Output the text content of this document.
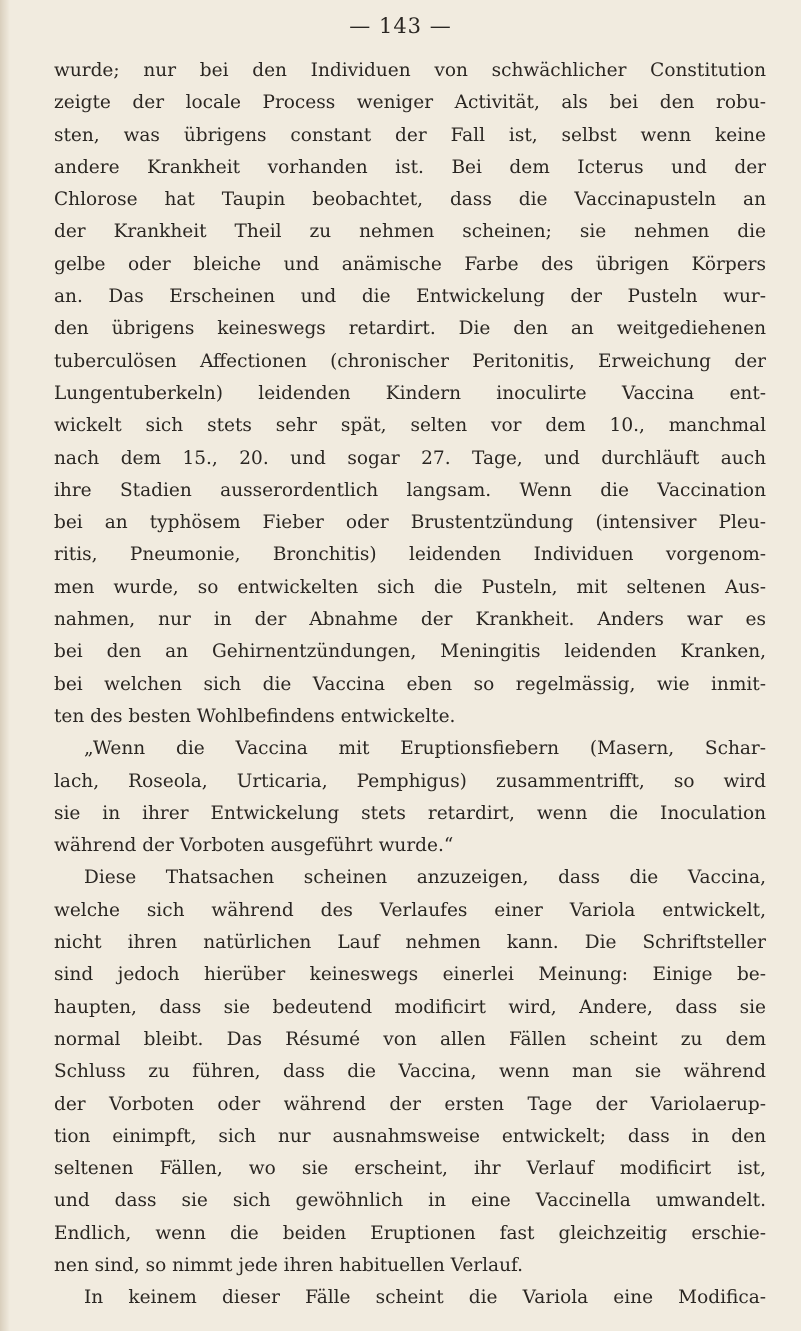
— 143 —
wurde; nur bei den Individuen von schwächlicher Constitution
zeigte der locale Process weniger Activität, als bei den robu-
sten, was übrigens constant der Fall ist, selbst wenn keine
andere Krankheit vorhanden ist. Bei dem Icterus und der
Chlorose hat Taupin beobachtet, dass die Vaccinapusteln an
der Krankheit Theil zu nehmen scheinen; sie nehmen die
gelbe oder bleiche und anämische Farbe des übrigen Körpers
an. Das Erscheinen und die Entwickelung der Pusteln wur-
den übrigens keineswegs retardirt. Die den an weitgediehenen
tuberculösen Affectionen (chronischer Peritonitis, Erweichung der
Lungentuberkeln) leidenden Kindern inoculirte Vaccina ent-
wickelt sich stets sehr spät, selten vor dem 10., manchmal
nach dem 15., 20. und sogar 27. Tage, und durchläuft auch
ihre Stadien ausserordentlich langsam. Wenn die Vaccination
bei an typhösem Fieber oder Brustentzündung (intensiver Pleu-
ritis, Pneumonie, Bronchitis) leidenden Individuen vorgenom-
men wurde, so entwickelten sich die Pusteln, mit seltenen Aus-
nahmen, nur in der Abnahme der Krankheit. Anders war es
bei den an Gehirnentzündungen, Meningitis leidenden Kranken,
bei welchen sich die Vaccina eben so regelmässig, wie inmit-
ten des besten Wohlbefindens entwickelte.
„Wenn die Vaccina mit Eruptionsfiebern (Masern, Schar-
lach, Roseola, Urticaria, Pemphigus) zusammentrifft, so wird
sie in ihrer Entwickelung stets retardirt, wenn die Inoculation
während der Vorboten ausgeführt wurde.“
Diese Thatsachen scheinen anzuzeigen, dass die Vaccina,
welche sich während des Verlaufes einer Variola entwickelt,
nicht ihren natürlichen Lauf nehmen kann. Die Schriftsteller
sind jedoch hierüber keineswegs einerlei Meinung: Einige be-
haupten, dass sie bedeutend modificirt wird, Andere, dass sie
normal bleibt. Das Résumé von allen Fällen scheint zu dem
Schluss zu führen, dass die Vaccina, wenn man sie während
der Vorboten oder während der ersten Tage der Variolaerup-
tion einimpft, sich nur ausnahmsweise entwickelt; dass in den
seltenen Fällen, wo sie erscheint, ihr Verlauf modificirt ist,
und dass sie sich gewöhnlich in eine Vaccinella umwandelt.
Endlich, wenn die beiden Eruptionen fast gleichzeitig erschie-
nen sind, so nimmt jede ihren habituellen Verlauf.
In keinem dieser Fälle scheint die Variola eine Modifica-
